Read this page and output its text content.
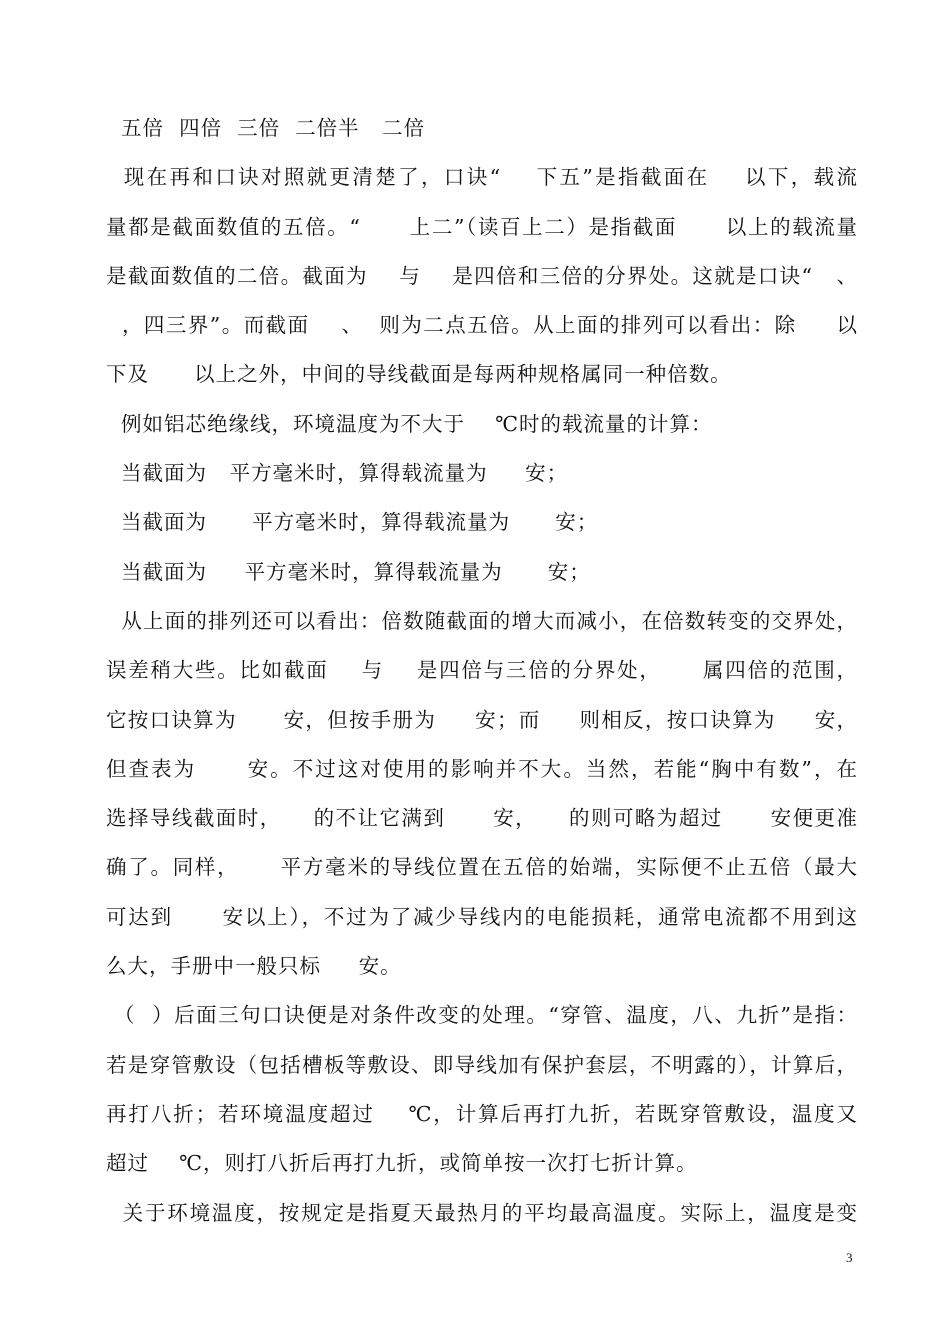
五倍  四倍  三倍  二倍半   二倍
现在再和口诀对照就更清楚了，口诀“    下五”是指截面在    以下，载流
量都是截面数值的五倍。“      上二”（读百上二）是指截面      以上的载流量
是截面数值的二倍。截面为    与    是四倍和三倍的分界处。这就是口诀“   、
，四三界”。而截面    、  则为二点五倍。从上面的排列可以看出：除     以
下及      以上之外，中间的导线截面是每两种规格属同一种倍数。
例如铝芯绝缘线，环境温度为不大于    ℃时的载流量的计算：
当截面为   平方毫米时，算得载流量为     安；
当截面为      平方毫米时，算得载流量为      安；
当截面为     平方毫米时，算得载流量为      安；
从上面的排列还可以看出：倍数随截面的增大而减小，在倍数转变的交界处，
误差稍大些。比如截面    与    是四倍与三倍的分界处，     属四倍的范围，
它按口诀算为      安，但按手册为     安；而     则相反，按口诀算为     安，
但查表为      安。不过这对使用的影响并不大。当然，若能“胸中有数”，在
选择导线截面时，    的不让它满到      安，    的则可略为超过      安便更准
确了。同样，     平方毫米的导线位置在五倍的始端，实际便不止五倍（最大
可达到      安以上），不过为了减少导线内的电能损耗，通常电流都不用到这
么大，手册中一般只标     安。
（  ）后面三句口诀便是对条件改变的处理。“穿管、温度，八、九折”是指：
若是穿管敷设（包括槽板等敷设、即导线加有保护套层，不明露的），计算后，
再打八折；若环境温度超过    ℃，计算后再打九折，若既穿管敷设，温度又
超过    ℃，则打八折后再打九折，或简单按一次打七折计算。
关于环境温度，按规定是指夏天最热月的平均最高温度。实际上，温度是变
3
